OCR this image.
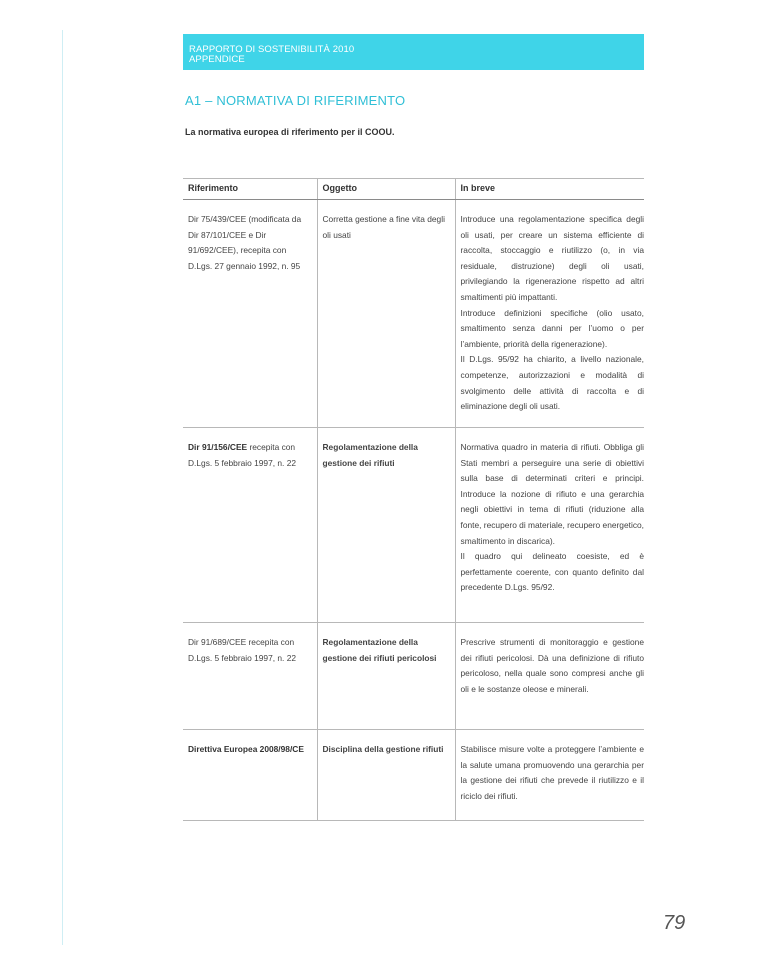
RAPPORTO DI SOSTENIBILITÀ 2010
APPENDICE
A1 – NORMATIVA DI RIFERIMENTO
La normativa europea di riferimento per il COOU.
Riferimento	Oggetto	In breve
Dir 75/439/CEE (modificata da Dir 87/101/CEE e Dir 91/692/CEE), recepita con D.Lgs. 27 gennaio 1992, n. 95	Corretta gestione a fine vita degli oli usati	Introduce una regolamentazione specifica degli oli usati, per creare un sistema efficiente di raccolta, stoccaggio e riutilizzo (o, in via residuale, distruzione) degli oli usati, privilegiando la rigenerazione rispetto ad altri smaltimenti più impattanti.
Introduce definizioni specifiche (olio usato, smaltimento senza danni per l’uomo o per l’ambiente, priorità della rigenerazione).
Il D.Lgs. 95/92 ha chiarito, a livello nazionale, competenze, autorizzazioni e modalità di svolgimento delle attività di raccolta e di eliminazione degli oli usati.

Dir 91/156/CEE recepita con D.Lgs. 5 febbraio 1997, n. 22	Regolamentazione della gestione dei rifiuti	Normativa quadro in materia di rifiuti. Obbliga gli Stati membri a perseguire una serie di obiettivi sulla base di determinati criteri e principi. Introduce la nozione di rifiuto e una gerarchia negli obiettivi in tema di rifiuti (riduzione alla fonte, recupero di materiale, recupero energetico, smaltimento in discarica).
Il quadro qui delineato coesiste, ed è perfettamente coerente, con quanto definito dal precedente D.Lgs. 95/92.

Dir 91/689/CEE recepita con D.Lgs. 5 febbraio 1997, n. 22	Regolamentazione della gestione dei rifiuti pericolosi	Prescrive strumenti di monitoraggio e gestione dei rifiuti pericolosi. Dà una definizione di rifiuto pericoloso, nella quale sono compresi anche gli oli e le sostanze oleose e minerali.

Direttiva Europea 2008/98/CE	Disciplina della gestione rifiuti	Stabilisce misure volte a proteggere l’ambiente e la salute umana promuovendo una gerarchia per la gestione dei rifiuti che prevede il riutilizzo e il riciclo dei rifiuti.
79
